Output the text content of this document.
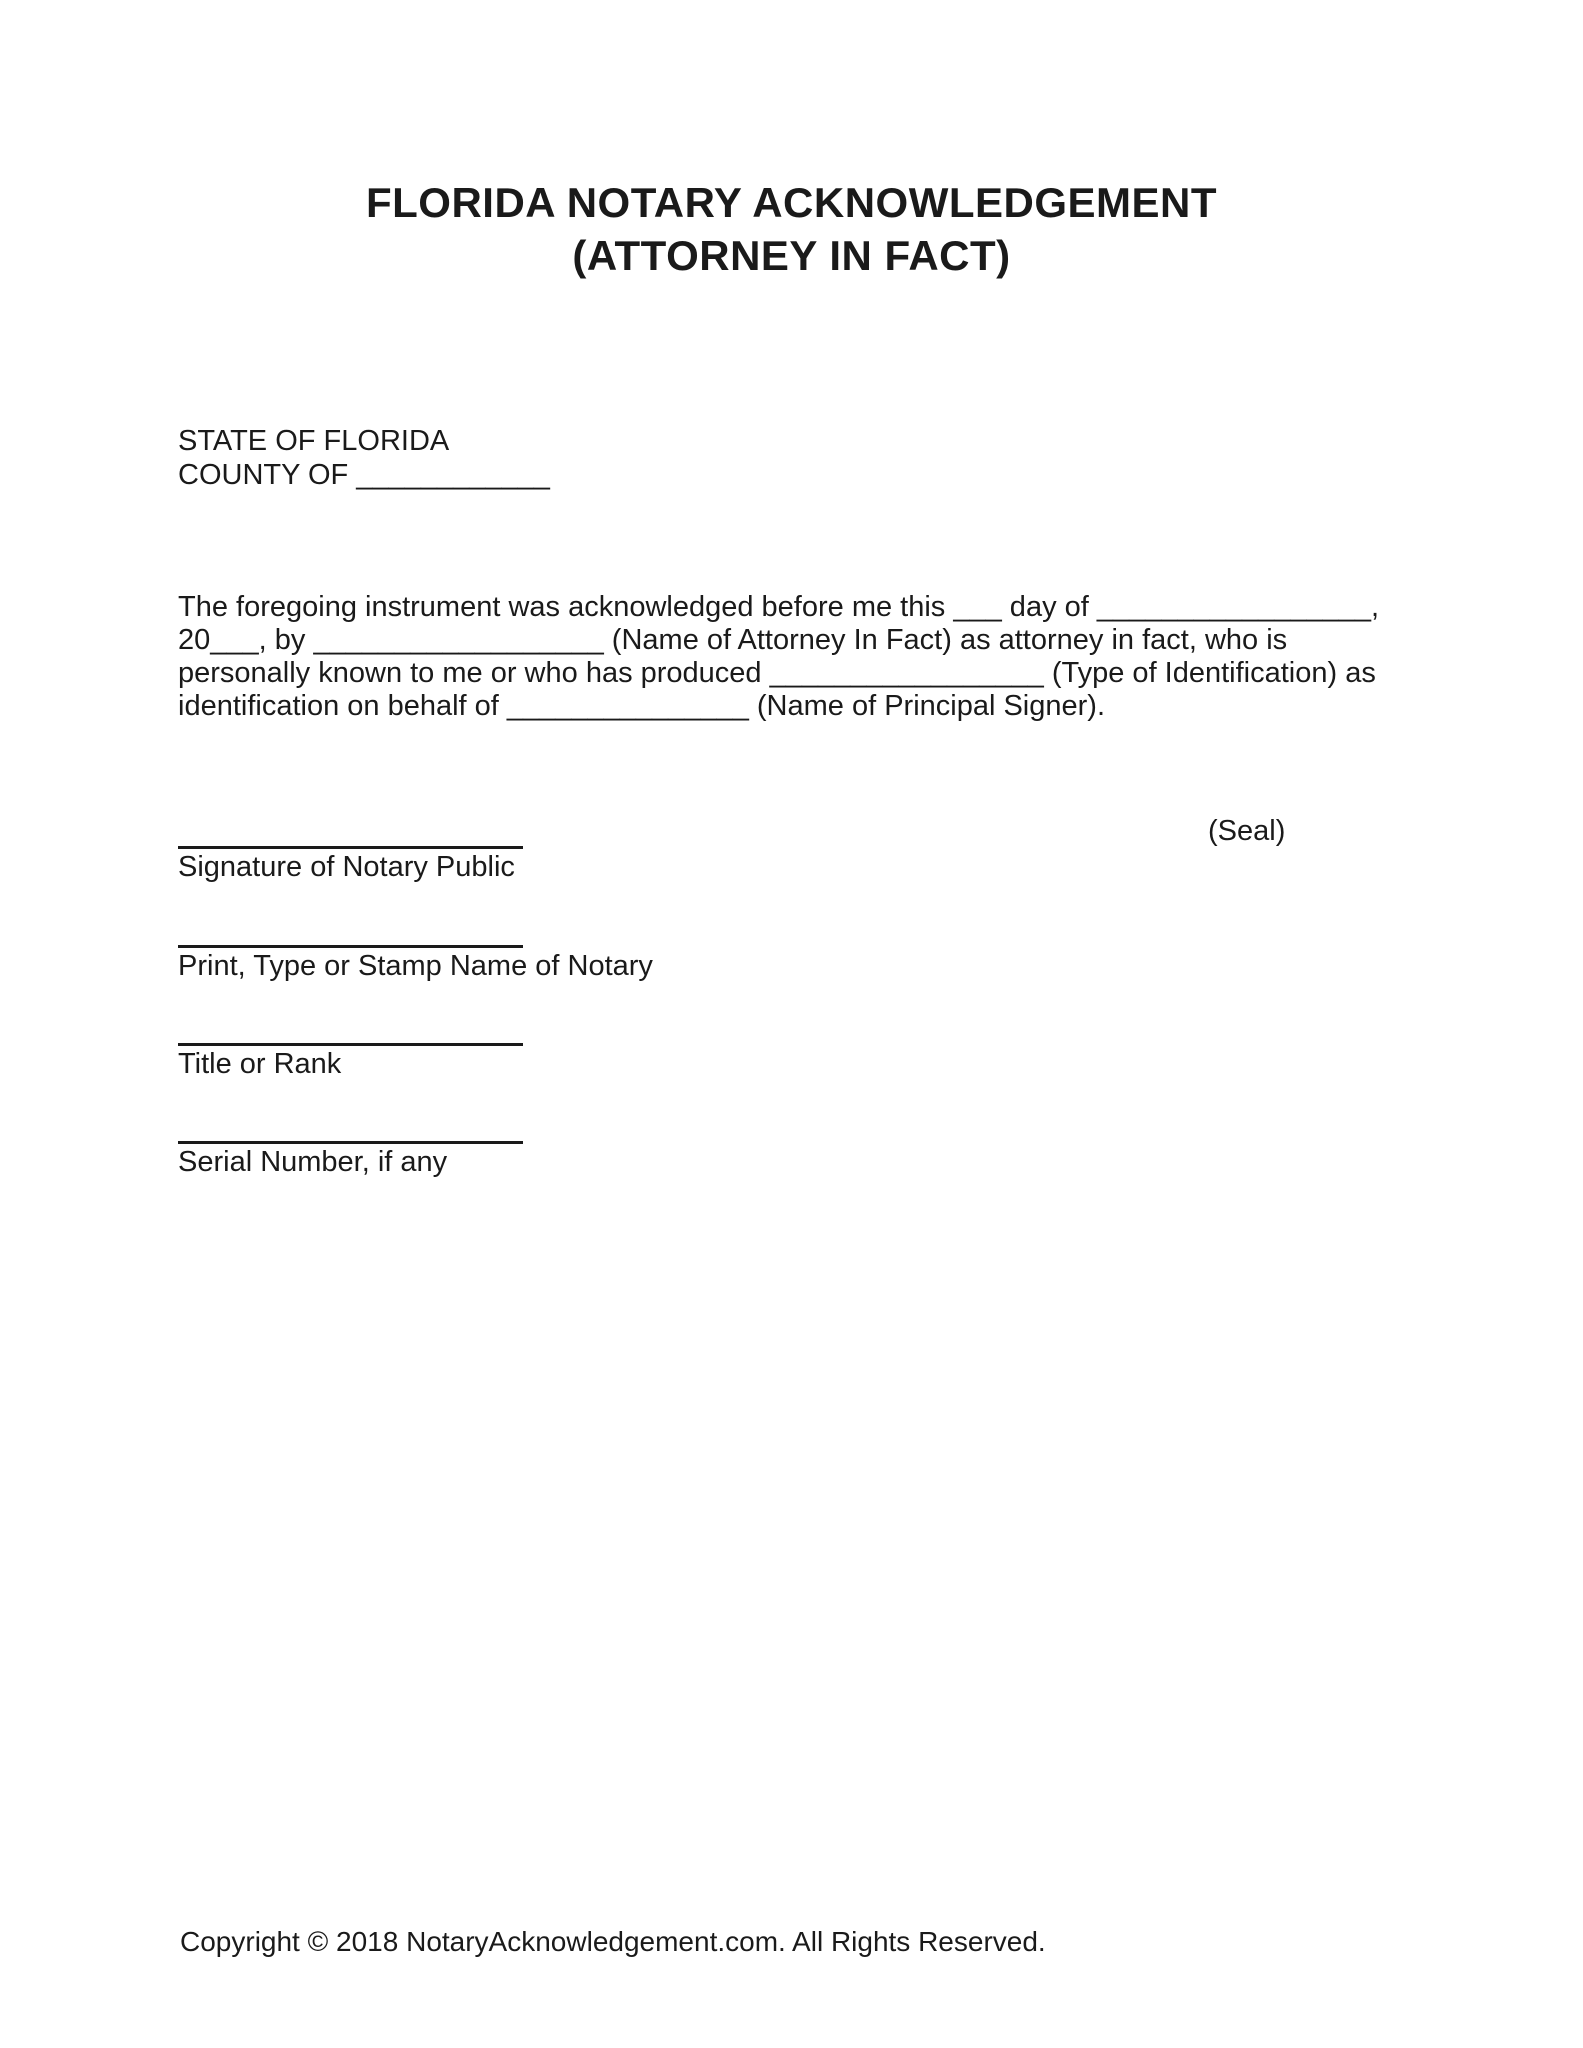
FLORIDA NOTARY ACKNOWLEDGEMENT
(ATTORNEY IN FACT)
STATE OF FLORIDA
COUNTY OF ____________
The foregoing instrument was acknowledged before me this ___ day of _________________,
20___, by __________________ (Name of Attorney In Fact) as attorney in fact, who is
personally known to me or who has produced _________________ (Type of Identification) as
identification on behalf of _______________ (Name of Principal Signer).
(Seal)
Signature of Notary Public
Print, Type or Stamp Name of Notary
Title or Rank
Serial Number, if any
Copyright © 2018 NotaryAcknowledgement.com. All Rights Reserved.
